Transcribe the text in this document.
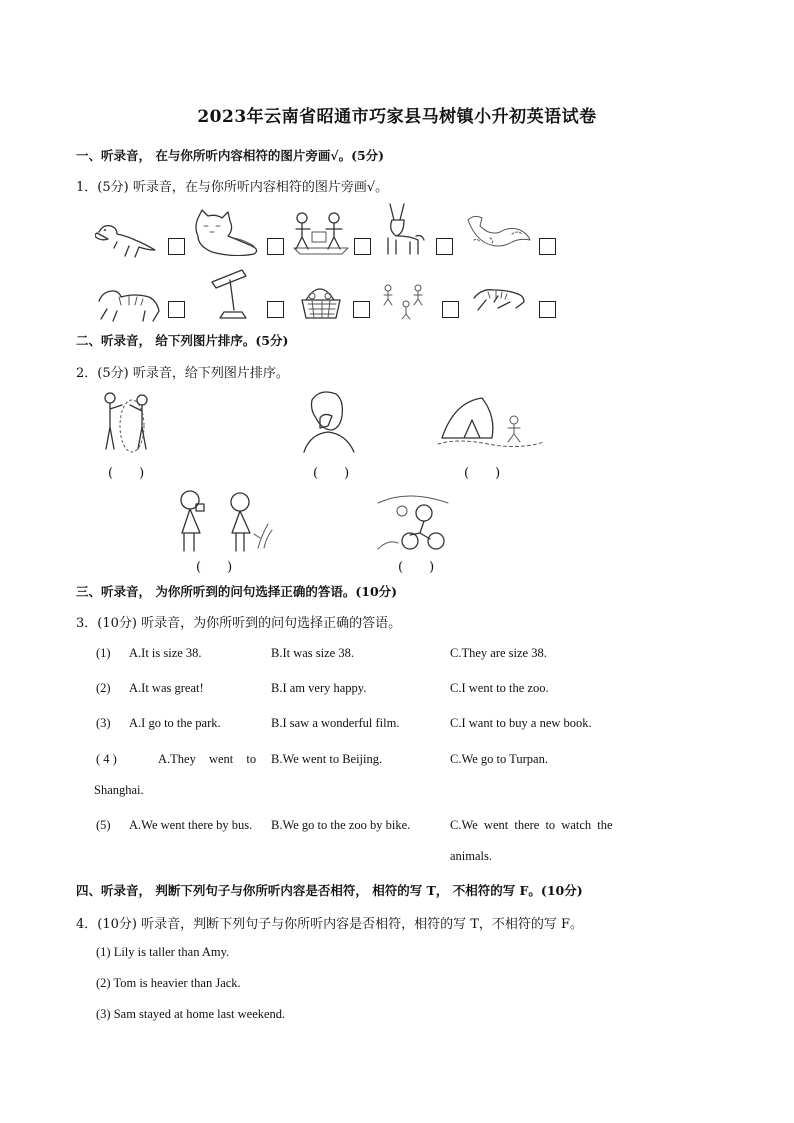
2023年云南省昭通市巧家县马树镇小升初英语试卷
一、听录音， 在与你所听内容相符的图片旁画√。(5分)
1．(5分) 听录音，在与你所听内容相符的图片旁画√。
二、听录音， 给下列图片排序。(5分)
2．(5分) 听录音，给下列图片排序。
(　　)	(　　)	(　　)
(　　)	(　　)
三、听录音， 为你所听到的问句选择正确的答语。(10分)
3．(10分) 听录音，为你所听到的问句选择正确的答语。
(1) A.It is size 38.	B.It was size 38.	C.They are size 38.
(2) A.It was great!	B.I am very happy.	C.I went to the zoo.
(3) A.I go to the park.	B.I saw a wonderful film.	C.I want to buy a new book.
( 4 )	A.They went to B.We went to Beijing.	C.We go to Turpan.
Shanghai.
(5) A.We went there by bus. B.We go to the zoo by bike.	C.We went there to watch the
animals.
四、听录音， 判断下列句子与你所听内容是否相符， 相符的写 T， 不相符的写 F。(10分)
4．(10分) 听录音，判断下列句子与你所听内容是否相符，相符的写 T，不相符的写 F。
(1) Lily is taller than Amy.
(2) Tom is heavier than Jack.
(3) Sam stayed at home last weekend.
